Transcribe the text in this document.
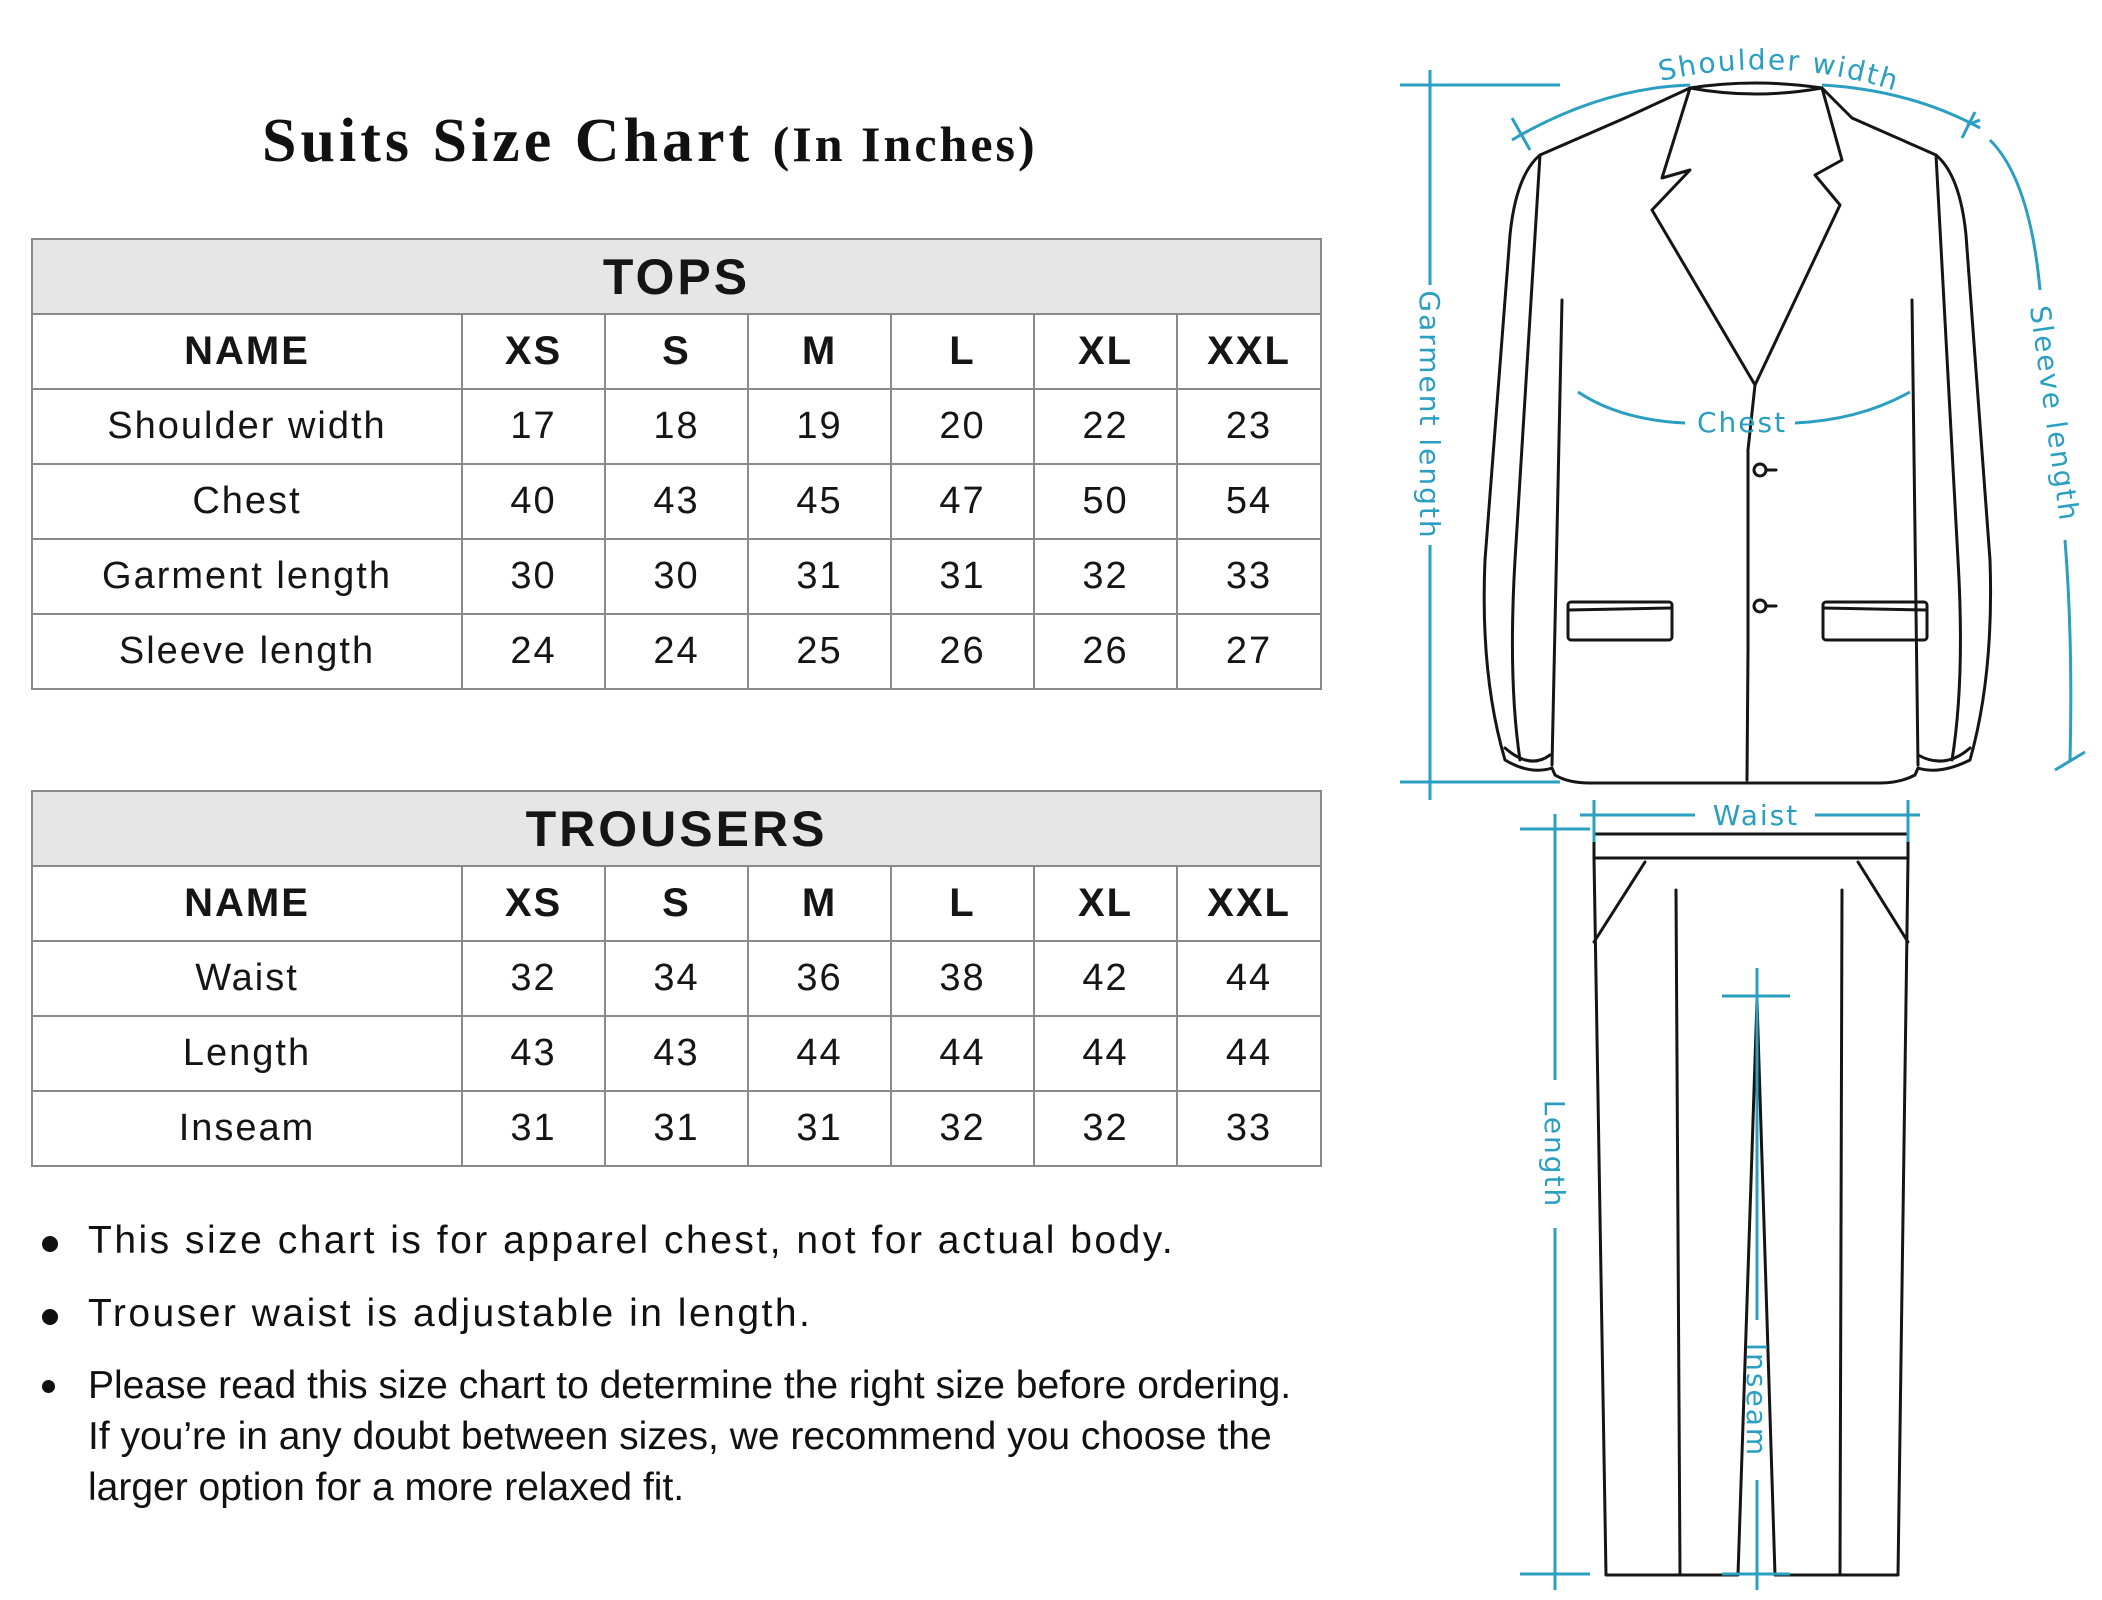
Suits Size Chart (In Inches)
TOPS						
NAME	XS	S	M	L	XL	XXL
Shoulder width	17	18	19	20	22	23
Chest	40	43	45	47	50	54
Garment length	30	30	31	31	32	33
Sleeve length	24	24	25	26	26	27
TROUSERS						
NAME	XS	S	M	L	XL	XXL
Waist	32	34	36	38	42	44
Length	43	43	44	44	44	44
Inseam	31	31	31	32	32	33
This size chart is for apparel chest, not for actual body.
Trouser waist is adjustable in length.
Please read this size chart to determine the right size before ordering.
If you’re in any doubt between sizes, we recommend you choose the
larger option for a more relaxed fit.
Shoulder width
Garment length	Sleeve length
Chest
Waist
Length
Inseam
